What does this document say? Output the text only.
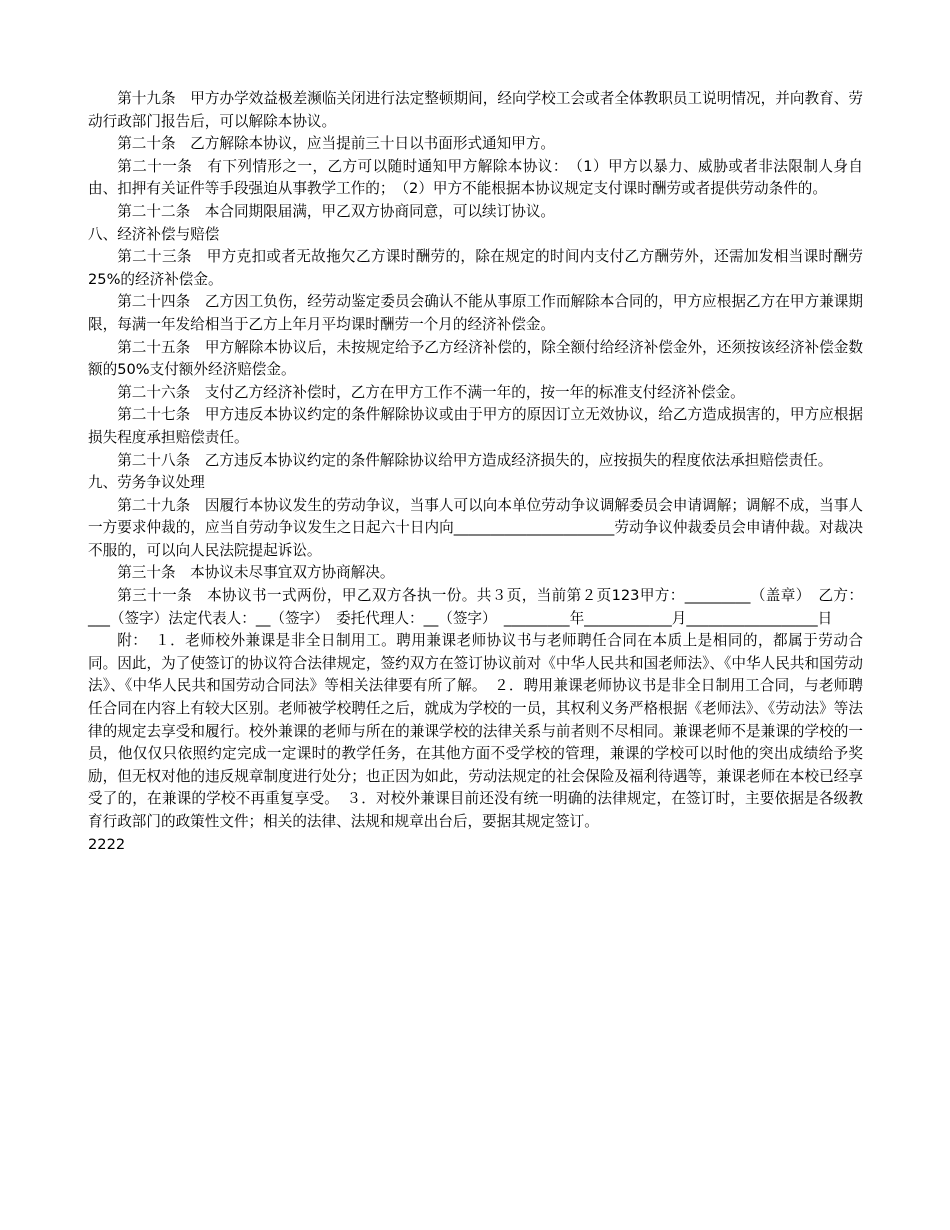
第十九条　甲方办学效益极差濒临关闭进行法定整顿期间，经向学校工会或者全体教职员工说明情况，并向教育、劳动行政部门报告后，可以解除本协议。

第二十条　乙方解除本协议，应当提前三十日以书面形式通知甲方。

第二十一条　有下列情形之一，乙方可以随时通知甲方解除本协议：　（1）甲方以暴力、威胁或者非法限制人身自由、扣押有关证件等手段强迫从事教学工作的；　（2）甲方不能根据本协议规定支付课时酬劳或者提供劳动条件的。

第二十二条　本合同期限届满，甲乙双方协商同意，可以续订协议。

八、经济补偿与赔偿

第二十三条　甲方克扣或者无故拖欠乙方课时酬劳的，除在规定的时间内支付乙方酬劳外，还需加发相当课时酬劳25%的经济补偿金。

第二十四条　乙方因工负伤，经劳动鉴定委员会确认不能从事原工作而解除本合同的，甲方应根据乙方在甲方兼课期限，每满一年发给相当于乙方上年月平均课时酬劳一个月的经济补偿金。

第二十五条　甲方解除本协议后，未按规定给予乙方经济补偿的，除全额付给经济补偿金外，还须按该经济补偿金数额的50%支付额外经济赔偿金。

第二十六条　支付乙方经济补偿时，乙方在甲方工作不满一年的，按一年的标准支付经济补偿金。

第二十七条　甲方违反本协议约定的条件解除协议或由于甲方的原因订立无效协议，给乙方造成损害的，甲方应根据损失程度承担赔偿责任。

第二十八条　乙方违反本协议约定的条件解除协议给甲方造成经济损失的，应按损失的程度依法承担赔偿责任。

九、劳务争议处理

第二十九条　因履行本协议发生的劳动争议，当事人可以向本单位劳动争议调解委员会申请调解；调解不成，当事人一方要求仲裁的，应当自劳动争议发生之日起六十日内向______________________劳动争议仲裁委员会申请仲裁。对裁决不服的，可以向人民法院提起诉讼。

第三十条　本协议未尽事宜双方协商解决。

第三十一条　本协议书一式两份，甲乙双方各执一份。共３页，当前第２页123甲方：_________（盖章）　乙方：___（签字）法定代表人：__（签字）　委托代理人：__（签字）　_________年____________月__________________日

附：　１．老师校外兼课是非全日制用工。聘用兼课老师协议书与老师聘任合同在本质上是相同的，都属于劳动合同。因此，为了使签订的协议符合法律规定，签约双方在签订协议前对《中华人民共和国老师法》、《中华人民共和国劳动法》、《中华人民共和国劳动合同法》等相关法律要有所了解。　２．聘用兼课老师协议书是非全日制用工合同，与老师聘任合同在内容上有较大区别。老师被学校聘任之后，就成为学校的一员，其权利义务严格根据《老师法》、《劳动法》等法律的规定去享受和履行。校外兼课的老师与所在的兼课学校的法律关系与前者则不尽相同。兼课老师不是兼课的学校的一员，他仅仅只依照约定完成一定课时的教学任务，在其他方面不受学校的管理，兼课的学校可以时他的突出成绩给予奖励，但无权对他的违反规章制度进行处分；也正因为如此，劳动法规定的社会保险及福利待遇等，兼课老师在本校已经享受了的，在兼课的学校不再重复享受。　３．对校外兼课目前还没有统一明确的法律规定，在签订时，主要依据是各级教育行政部门的政策性文件；相关的法律、法规和规章出台后，要据其规定签订。

2222
